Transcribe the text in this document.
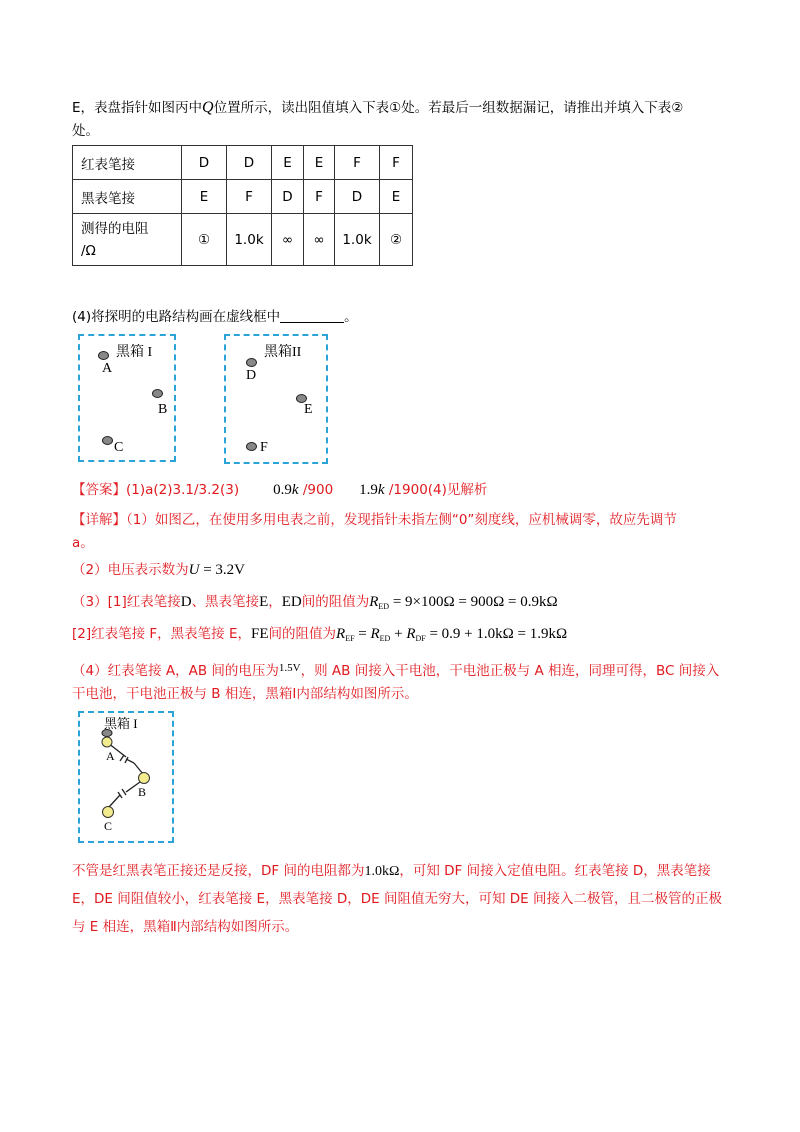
E，表盘指针如图丙中Q位置所示，读出阻值填入下表①处。若最后一组数据漏记，请推出并填入下表②
处。
红表笔接	D	D	E	E	F	F
黑表笔接	E	F	D	F	D	E

测得的电阻
/Ω	①	1.0k	∞	∞	1.0k	②
(4)将探明的电路结构画在虚线框中	。
黑箱 I
A
B
C
黑箱II
D
E
F
【答案】(1)a(2)3.1/3.2(3) 0.9k /900 1.9k /1900(4)见解析
【详解】（1）如图乙，在使用多用电表之前，发现指针未指左侧“0”刻度线，应机械调零，故应先调节
a。
（2）电压表示数为U = 3.2V
（3）[1]红表笔接D、黑表笔接E，ED间的阻值为$R_{ED} = 9\times 100\Omega = 900\Omega = 0.9k\Omega$
[2]红表笔接 F，黑表笔接 E，FE间的阻值为$R_{EF} = R_{ED} + R_{DF} = 0.9 + 1.0k\Omega = 1.9k\Omega$
（4）红表笔接 A，AB 间的电压为$^{1.5V}$，则 AB 间接入干电池，干电池正极与 A 相连，同理可得，BC 间接入
干电池，干电池正极与 B 相连，黑箱Ⅰ内部结构如图所示。
黑箱 I
A
B
C
不管是红黑表笔正接还是反接，DF 间的电阻都为1.0kΩ，可知 DF 间接入定值电阻。红表笔接 D，黑表笔接
E，DE 间阻值较小，红表笔接 E，黑表笔接 D，DE 间阻值无穷大，可知 DE 间接入二极管，且二极管的正极
与 E 相连，黑箱Ⅱ内部结构如图所示。
